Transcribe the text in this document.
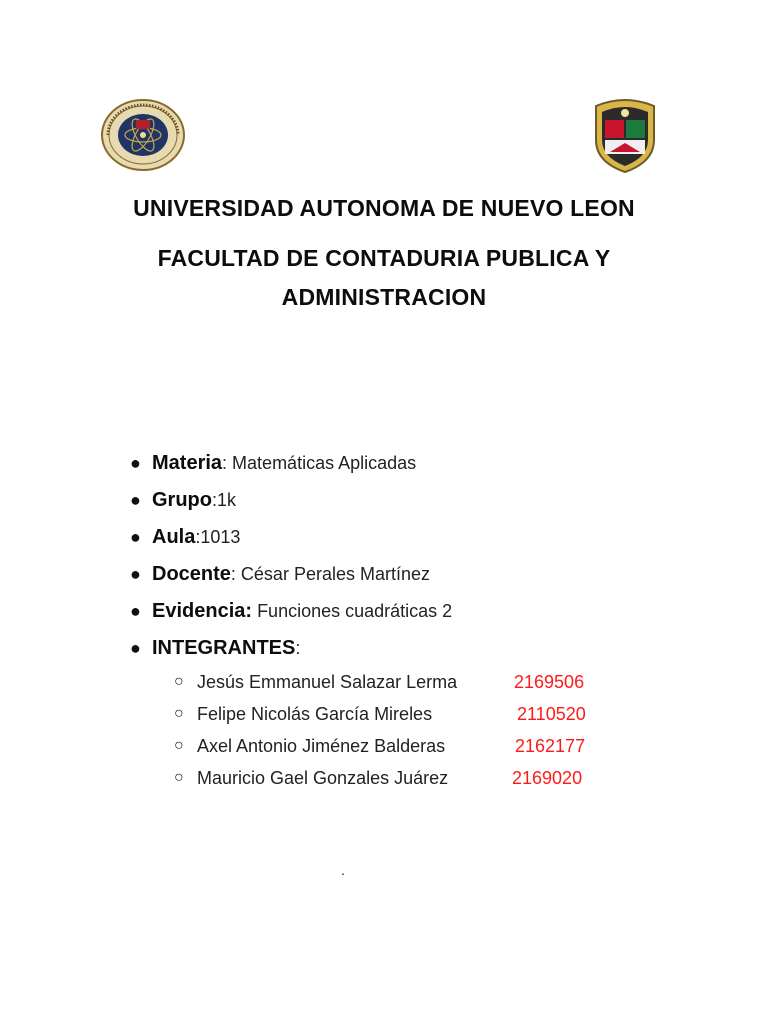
UNIVERSIDAD AUTONOMA DE NUEVO LEON
FACULTAD DE CONTADURIA PUBLICA Y
ADMINISTRACION
● Materia: Matemáticas Aplicadas
● Grupo:1k
● Aula:1013
● Docente: César Perales Martínez
● Evidencia: Funciones cuadráticas 2
● INTEGRANTES:
○ Jesús Emmanuel Salazar Lerma	2169506
○ Felipe Nicolás García Mireles	2110520
○ Axel Antonio Jiménez Balderas	2162177
○ Mauricio Gael Gonzales Juárez	2169020
.
